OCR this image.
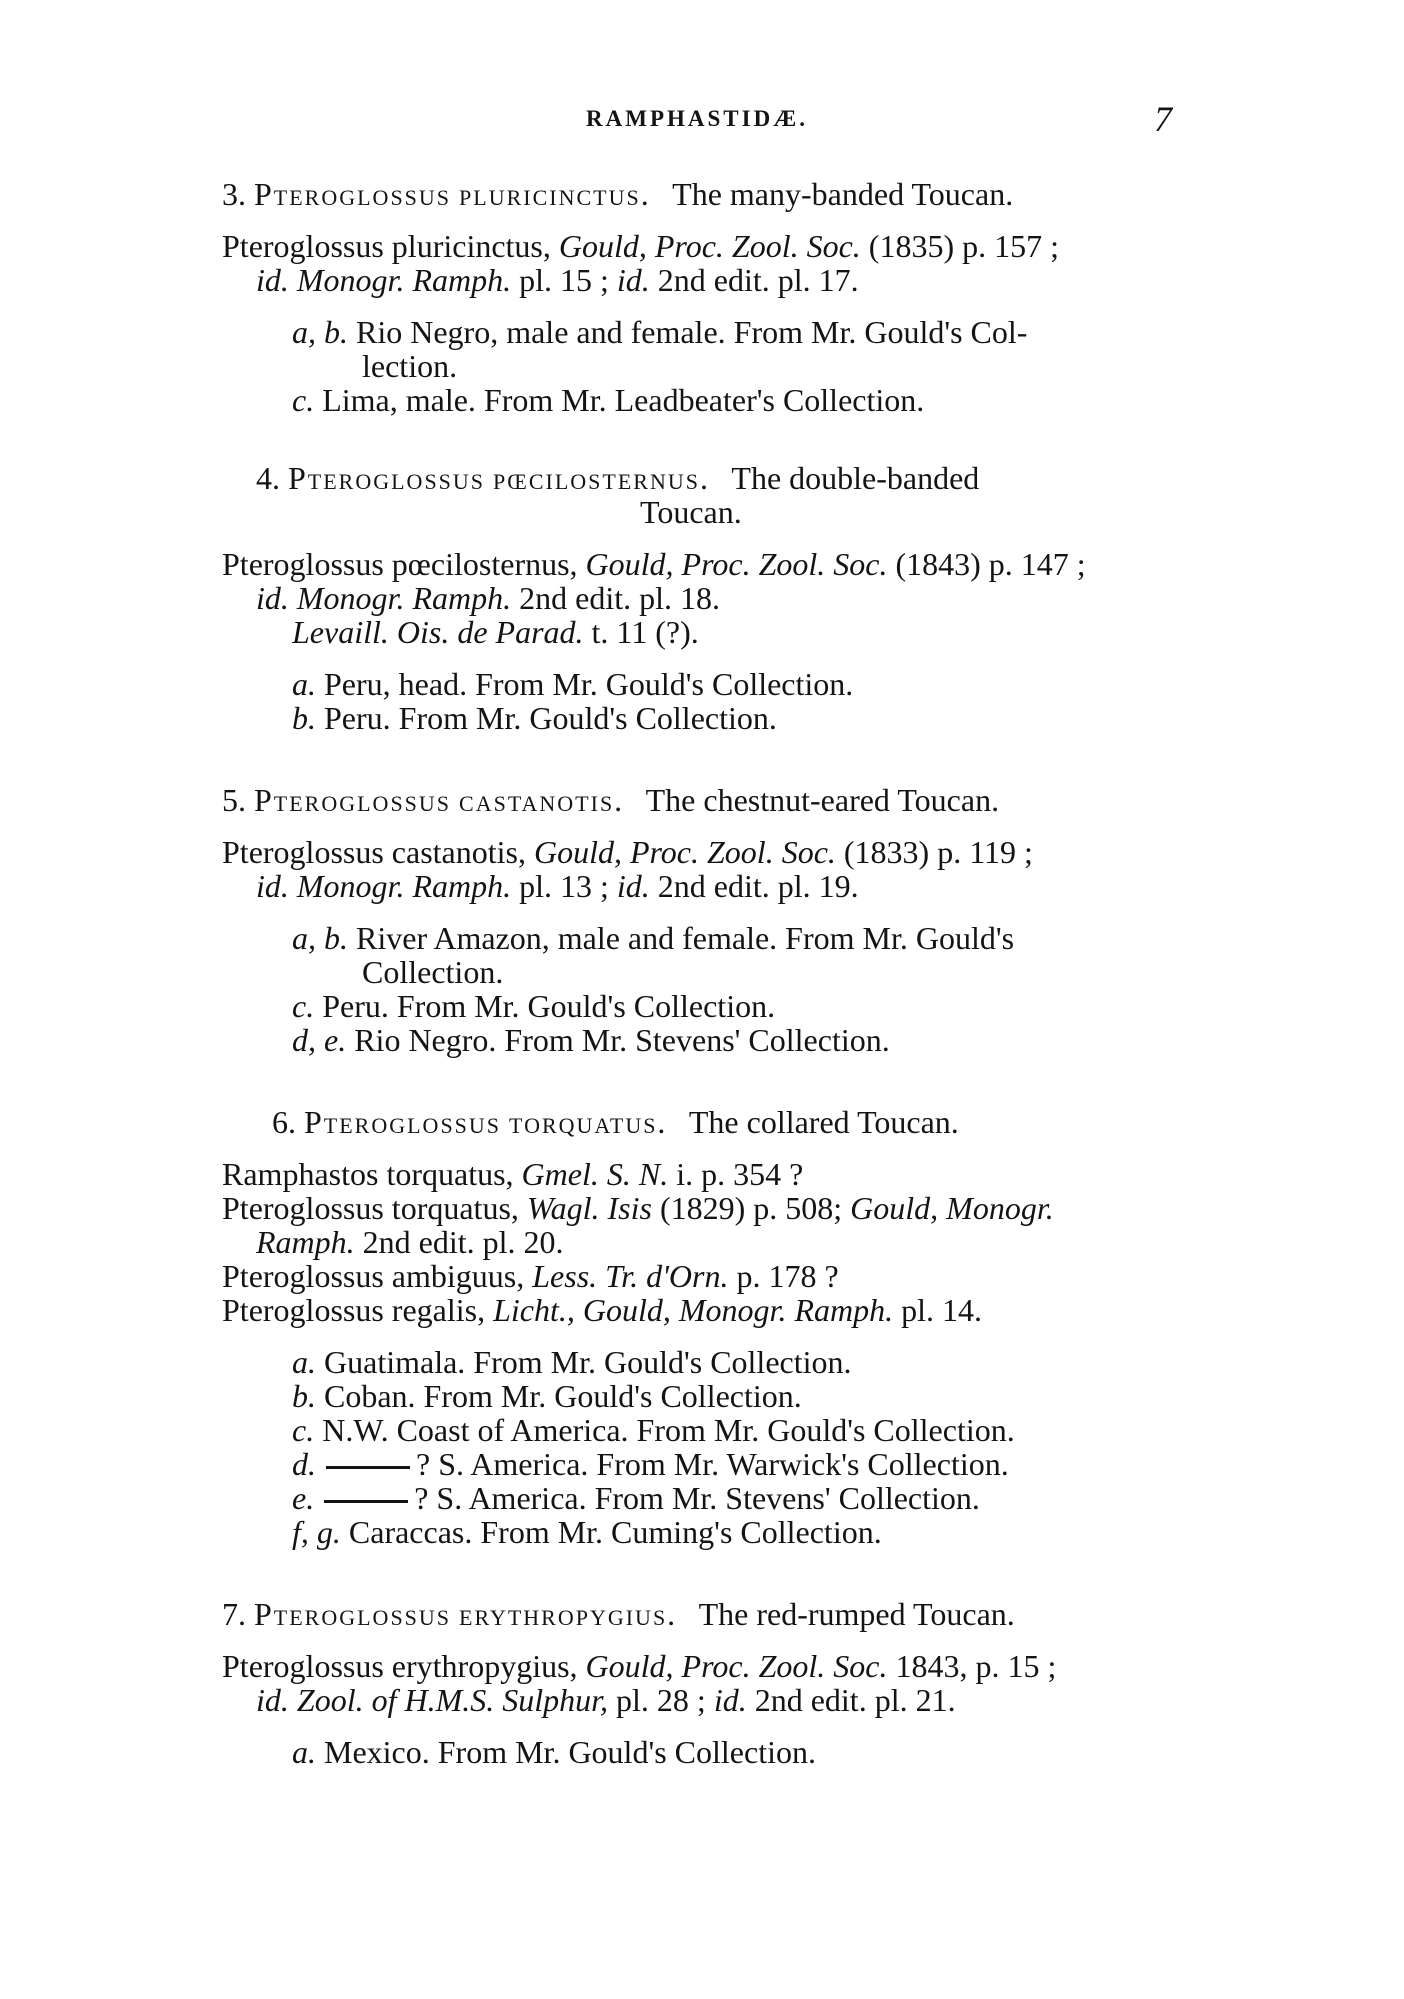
RAMPHASTIDÆ.	7
3. Pteroglossus pluricinctus. The many-banded Toucan.
Pteroglossus pluricinctus, Gould, Proc. Zool. Soc. (1835) p. 157 ;
id. Monogr. Ramph. pl. 15 ; id. 2nd edit. pl. 17.
a, b. Rio Negro, male and female. From Mr. Gould's Col-
lection.
c. Lima, male. From Mr. Leadbeater's Collection.
4. Pteroglossus pœcilosternus. The double-banded
Toucan.
Pteroglossus pœcilosternus, Gould, Proc. Zool. Soc. (1843) p. 147 ;
id. Monogr. Ramph. 2nd edit. pl. 18.
Levaill. Ois. de Parad. t. 11 (?).
a. Peru, head. From Mr. Gould's Collection.
b. Peru. From Mr. Gould's Collection.
5. Pteroglossus castanotis. The chestnut-eared Toucan.
Pteroglossus castanotis, Gould, Proc. Zool. Soc. (1833) p. 119 ;
id. Monogr. Ramph. pl. 13 ; id. 2nd edit. pl. 19.
a, b. River Amazon, male and female. From Mr. Gould's
Collection.
c. Peru. From Mr. Gould's Collection.
d, e. Rio Negro. From Mr. Stevens' Collection.
6. Pteroglossus torquatus. The collared Toucan.
Ramphastos torquatus, Gmel. S. N. i. p. 354 ?
Pteroglossus torquatus, Wagl. Isis (1829) p. 508; Gould, Monogr.
Ramph. 2nd edit. pl. 20.
Pteroglossus ambiguus, Less. Tr. d'Orn. p. 178 ?
Pteroglossus regalis, Licht., Gould, Monogr. Ramph. pl. 14.
a. Guatimala. From Mr. Gould's Collection.
b. Coban. From Mr. Gould's Collection.
c. N.W. Coast of America. From Mr. Gould's Collection.
d.	? S. America. From Mr. Warwick's Collection.
e.	? S. America. From Mr. Stevens' Collection.
f, g. Caraccas. From Mr. Cuming's Collection.
7. Pteroglossus erythropygius. The red-rumped Toucan.
Pteroglossus erythropygius, Gould, Proc. Zool. Soc. 1843, p. 15 ;
id. Zool. of H.M.S. Sulphur, pl. 28 ; id. 2nd edit. pl. 21.
a. Mexico. From Mr. Gould's Collection.
